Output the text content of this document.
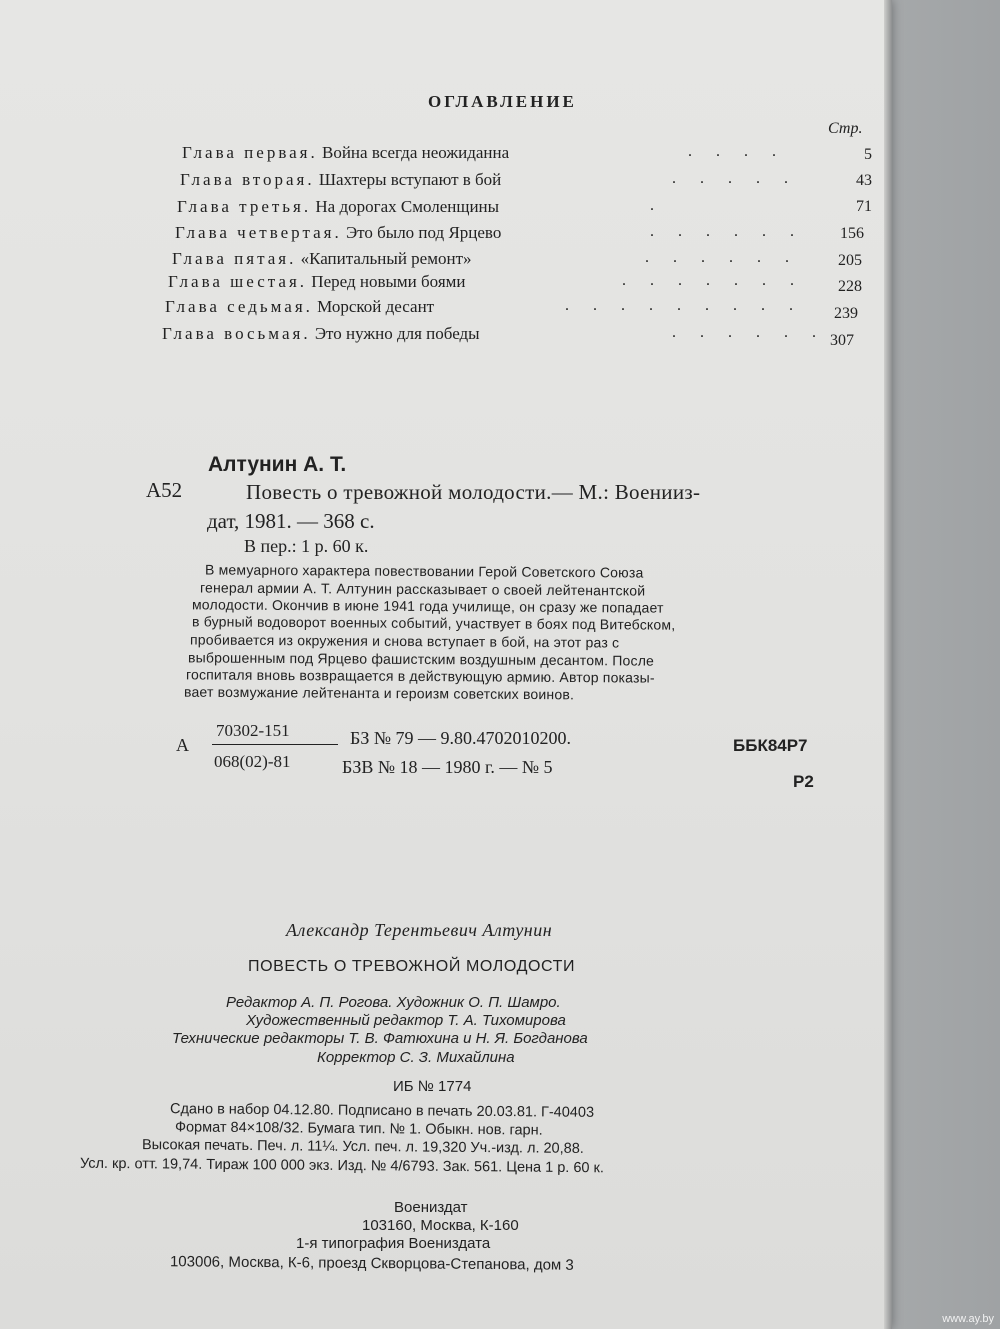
ОГЛАВЛЕНИЕ
Стр.
Глава первая. Война всегда неожиданна
Глава вторая. Шахтеры вступают в бой
Глава третья. На дорогах Смоленщины
Глава четвертая. Это было под Ярцево
Глава пятая. «Капитальный ремонт»
Глава шестая. Перед новыми боями
Глава седьмая. Морской десант
Глава восьмая. Это нужно для победы
. . . .
. . . . .
.
. . . . . .
. . . . . .
. . . . . . .
. . . . . . . . .
. . . . . .
5
43
71
156
205
228
239
307
Алтунин А. Т.
А52	Повесть о тревожной молодости.— М.: Военииз-
дат, 1981. — 368 с.
В пер.: 1 р. 60 к.
В мемуарного характера повествовании Герой Советского Союза
генерал армии А. Т. Алтунин рассказывает о своей лейтенантской
молодости. Окончив в июне 1941 года училище, он сразу же попадает
в бурный водоворот военных событий, участвует в боях под Витебском,
пробивается из окружения и снова вступает в бой, на этот раз с
выброшенным под Ярцево фашистским воздушным десантом. После
госпиталя вновь возвращается в действующую армию. Автор показы-
вает возмужание лейтенанта и героизм советских воинов.
А
70302-151
068(02)-81
БЗ № 79 — 9.80.4702010200.
БЗВ № 18 — 1980 г. — № 5
ББК84Р7
Р2
Александр Терентьевич Алтунин
ПОВЕСТЬ О ТРЕВОЖНОЙ МОЛОДОСТИ
Редактор А. П. Рогова. Художник О. П. Шамро.
Художественный редактор Т. А. Тихомирова
Технические редакторы Т. В. Фатюхина и Н. Я. Богданова
Корректор С. З. Михайлина
ИБ № 1774
Сдано в набор 04.12.80. Подписано в печать 20.03.81. Г-40403
Формат 84×108/32. Бумага тип. № 1. Обыкн. нов. гарн.
Высокая печать. Печ. л. 11¼. Усл. печ. л. 19,320 Уч.-изд. л. 20,88.
Усл. кр. отт. 19,74. Тираж 100 000 экз. Изд. № 4/6793. Зак. 561. Цена 1 р. 60 к.
Воениздат
103160, Москва, К-160
1-я типография Воениздата
103006, Москва, К-6, проезд Скворцова-Степанова, дом 3
www.ay.by
